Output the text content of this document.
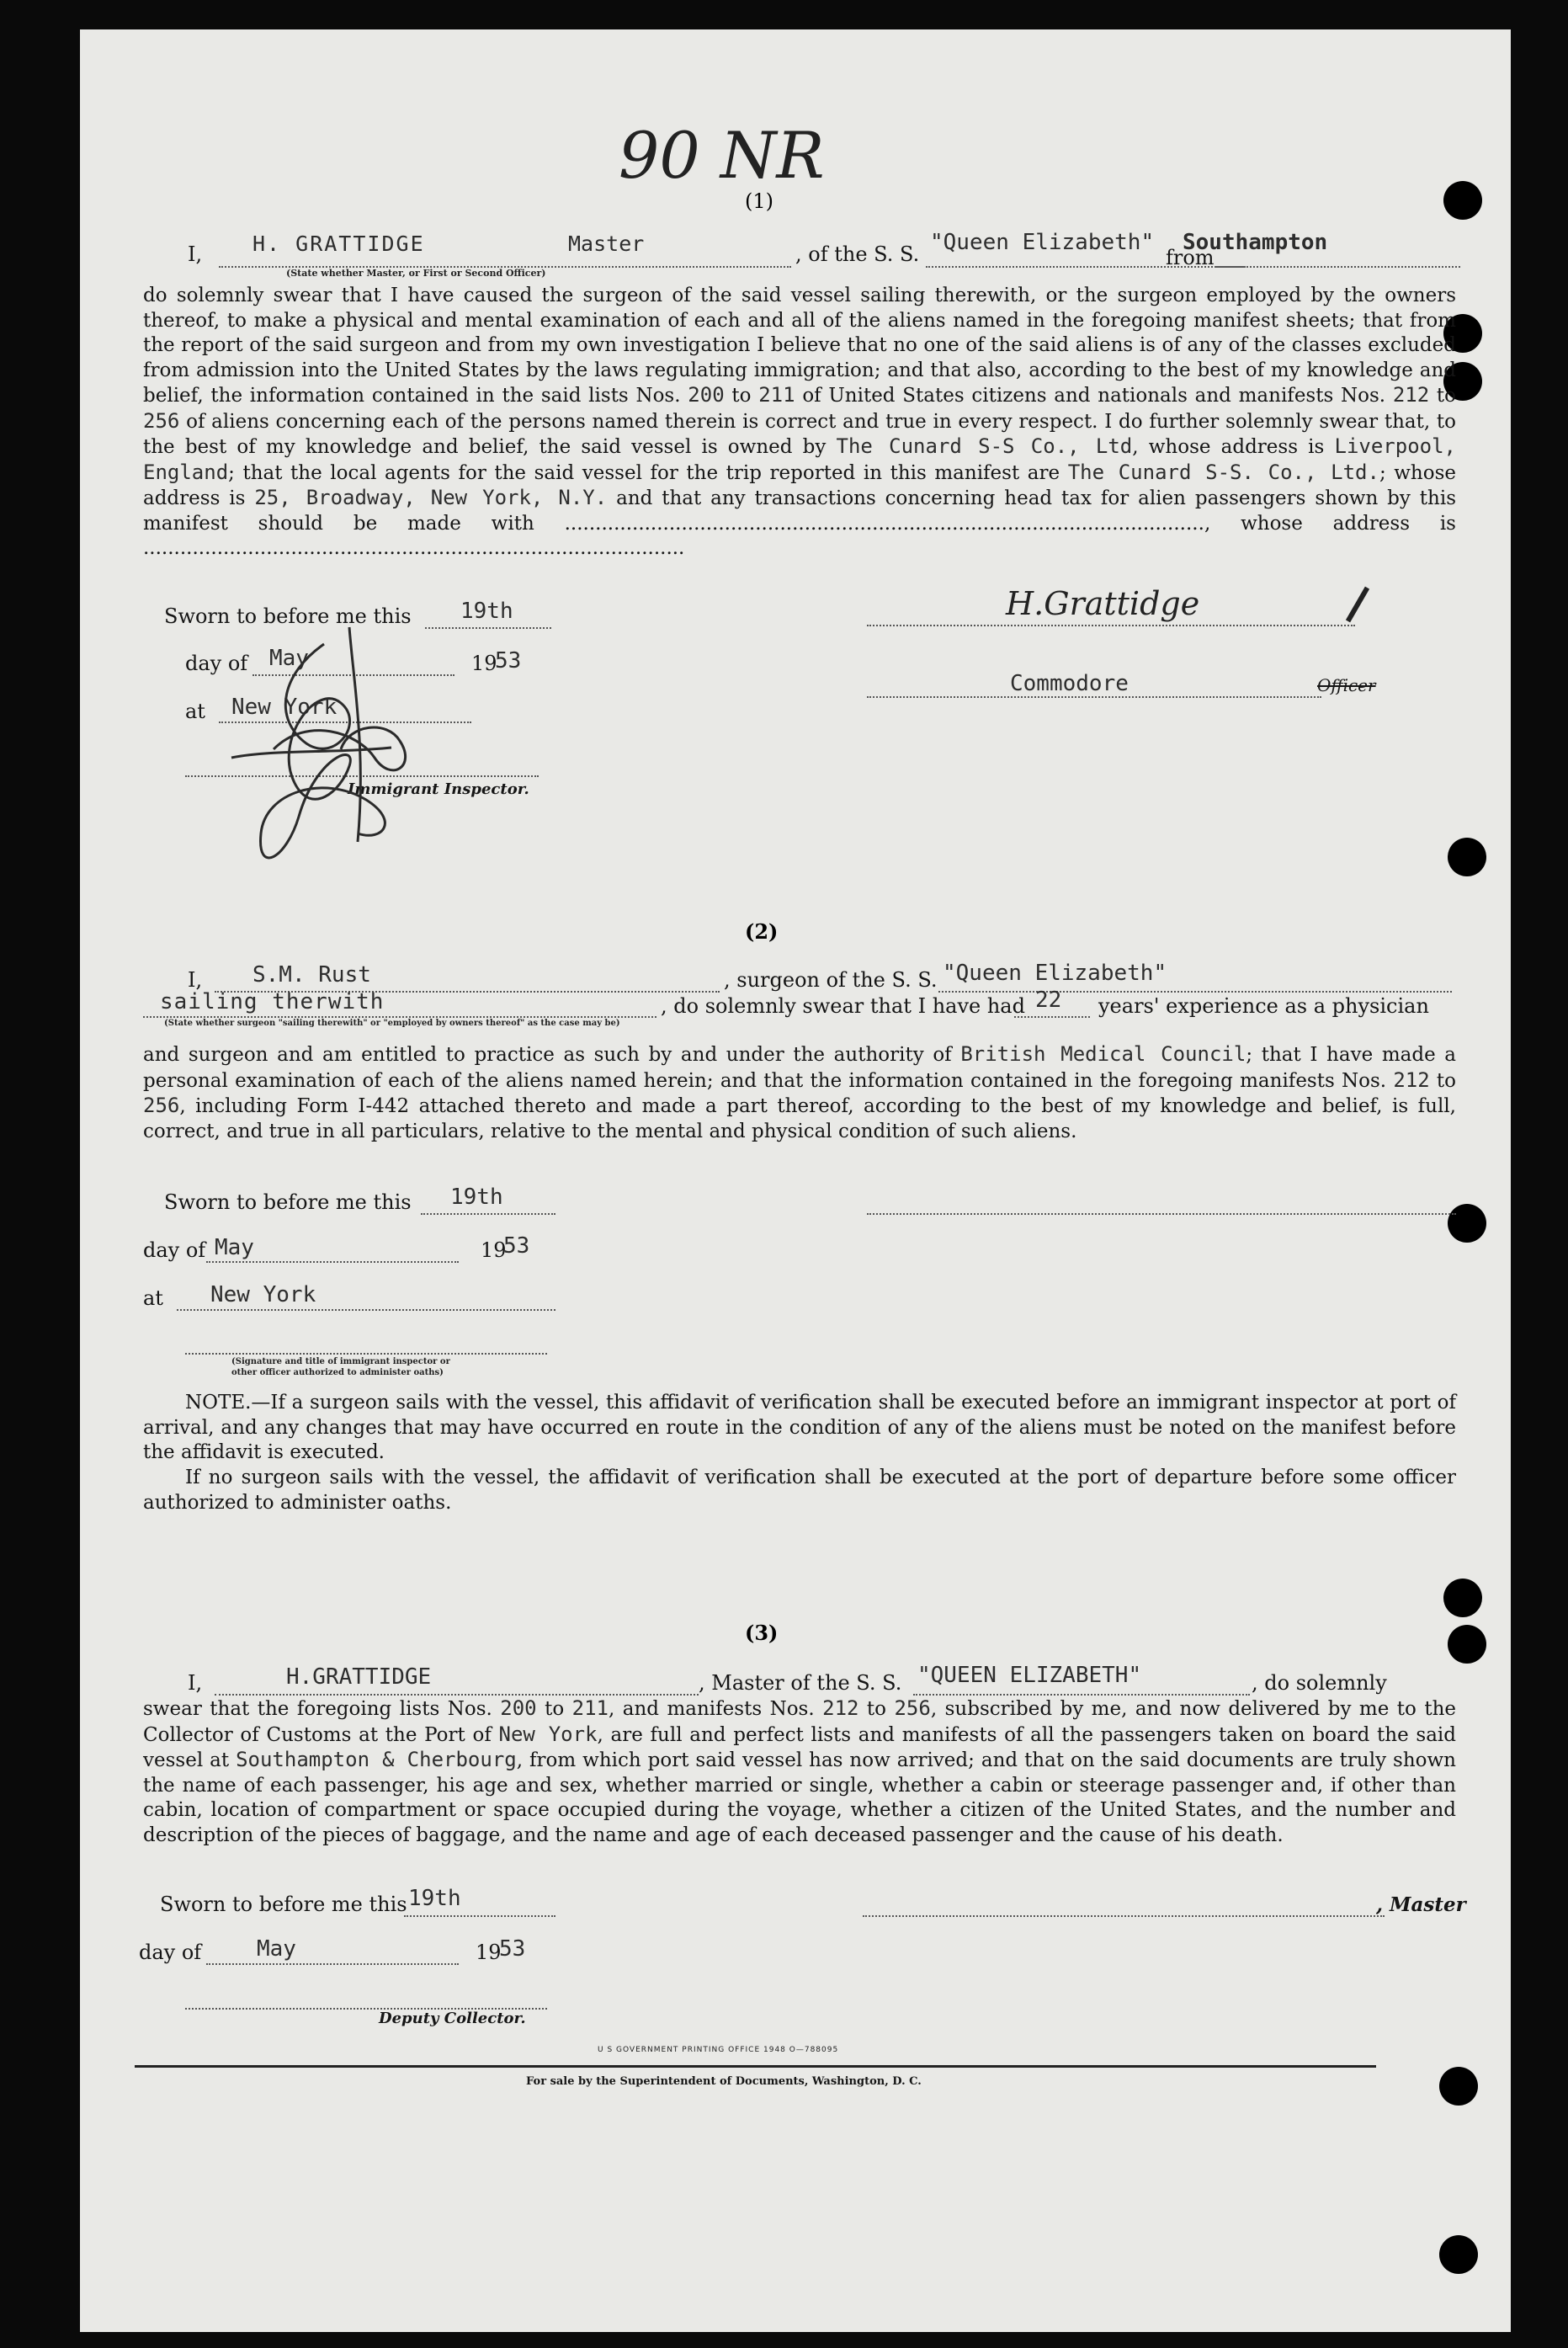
90 NR
(1)
I, H. GRATTIDGE	Master
(State whether Master, or First or Second Officer)
, of the S. S. "Queen Elizabeth"
from
Southampton
do solemnly swear that I have caused the surgeon of the said vessel sailing therewith, or the surgeon employed by the owners thereof, to make a physical and mental examination of each and all of the aliens named in the foregoing manifest sheets; that from the report of the said surgeon and from my own investigation I believe that no one of the said aliens is of any of the classes excluded from admission into the United States by the laws regulating immigration; and that also, according to the best of my knowledge and belief, the information contained in the said lists Nos. 200 to 211 of United States citizens and nationals and manifests Nos. 212 to 256 of aliens concerning each of the persons named therein is correct and true in every respect. I do further solemnly swear that, to the best of my knowledge and belief, the said vessel is owned by The Cunard S-S Co., Ltd, whose address is Liverpool, England; that the local agents for the said vessel for the trip reported in this manifest are The Cunard S-S. Co., Ltd.; whose address is 25, Broadway, New York, N.Y. and that any transactions concerning head tax for alien passengers shown by this manifest should be made with ........................................................................................................, whose address is ........................................................................................
Sworn to before me this 19th
day of May	19
53
at New York
Immigrant Inspector.
H.Grattidge
Commodore	Officer
(2)
I, S.M. Rust	, surgeon of the S. S. "Queen Elizabeth"
sailing therwith
(State whether surgeon "sailing therewith" or "employed by owners thereof" as the case may be)
, do solemnly swear that I have had 22 years' experience as a physician
and surgeon and am entitled to practice as such by and under the authority of British Medical Council; that I have made a personal examination of each of the aliens named herein; and that the information contained in the foregoing manifests Nos. 212 to 256, including Form I-442 attached thereto and made a part thereof, according to the best of my knowledge and belief, is full, correct, and true in all particulars, relative to the mental and physical condition of such aliens.
Sworn to before me this 19th
day of May	19
53
at New York
(Signature and title of immigrant inspector or
other officer authorized to administer oaths)
NOTE.—If a surgeon sails with the vessel, this affidavit of verification shall be executed before an immigrant inspector at port of arrival, and any changes that may have occurred en route in the condition of any of the aliens must be noted on the manifest before the affidavit is executed.
If no surgeon sails with the vessel, the affidavit of verification shall be executed at the port of departure before some officer authorized to administer oaths.
(3)
I,	H.GRATTIDGE	, Master of the S. S. "QUEEN ELIZABETH"	, do solemnly
swear that the foregoing lists Nos. 200 to 211, and manifests Nos. 212 to 256, subscribed by me, and now delivered by me to the Collector of Customs at the Port of New York, are full and perfect lists and manifests of all the passengers taken on board the said vessel at Southampton & Cherbourg, from which port said vessel has now arrived; and that on the said documents are truly shown the name of each passenger, his age and sex, whether married or single, whether a cabin or steerage passenger and, if other than cabin, location of compartment or space occupied during the voyage, whether a citizen of the United States, and the number and description of the pieces of baggage, and the name and age of each deceased passenger and the cause of his death.
Sworn to before me this 19th	, Master
day of	May	19
53
Deputy Collector.
U S GOVERNMENT PRINTING OFFICE 1948 O—788095
For sale by the Superintendent of Documents, Washington, D. C.
